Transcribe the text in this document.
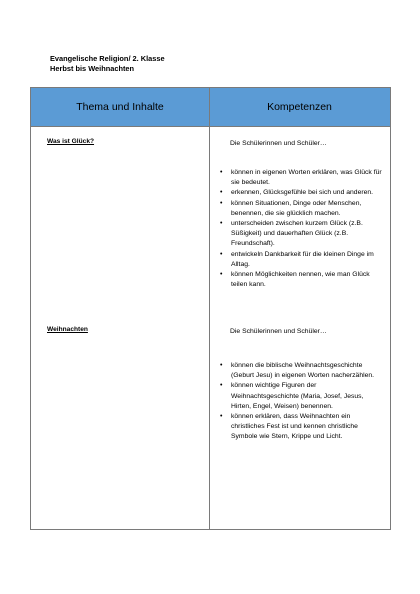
Evangelische Religion/ 2. Klasse
Herbst bis Weihnachten
Thema und Inhalte	Kompetenzen
Was ist Glück?	Die Schülerinnen und Schüler…
• können in eigenen Worten erklären, was Glück für sie bedeutet.
• erkennen, Glücksgefühle bei sich und anderen.
• können Situationen, Dinge oder Menschen, benennen, die sie glücklich machen.
• unterscheiden zwischen kurzem Glück (z.B. Süßigkeit) und dauerhaften Glück (z.B. Freundschaft).
• entwickeln Dankbarkeit für die kleinen Dinge im Alltag.
• können Möglichkeiten nennen, wie man Glück teilen kann.
Weihnachten	Die Schülerinnen und Schüler…
• können die biblische Weihnachtsgeschichte (Geburt Jesu) in eigenen Worten nacherzählen.
• können wichtige Figuren der Weihnachtsgeschichte (Maria, Josef, Jesus, Hirten, Engel, Weisen) benennen.
• können erklären, dass Weihnachten ein christliches Fest ist und kennen christliche Symbole wie Stern, Krippe und Licht.
